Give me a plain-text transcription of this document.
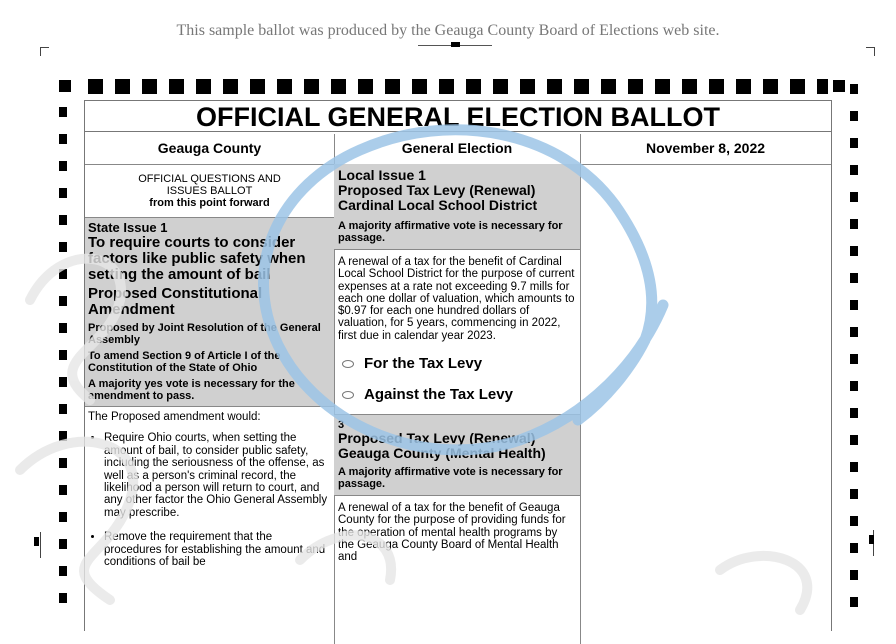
This sample ballot was produced by the Geauga County Board of Elections web site.
OFFICIAL GENERAL ELECTION BALLOT
Geauga County	General Election	November 8, 2022
OFFICIAL QUESTIONS AND
ISSUES BALLOT
from this point forward
State Issue 1
To require courts to consider factors like public safety when setting the amount of bail
Proposed Constitutional Amendment
Proposed by Joint Resolution of the General Assembly
To amend Section 9 of Article I of the Constitution of the State of Ohio
A majority yes vote is necessary for the amendment to pass.
The Proposed amendment would:
• Require Ohio courts, when setting the amount of bail, to consider public safety, including the seriousness of the offense, as well as a person's criminal record, the likelihood a person will return to court, and any other factor the Ohio General Assembly may prescribe.
• Remove the requirement that the procedures for establishing the amount and conditions of bail be
Local Issue 1
Proposed Tax Levy (Renewal)
Cardinal Local School District
A majority affirmative vote is necessary for passage.
A renewal of a tax for the benefit of Cardinal Local School District for the purpose of current expenses at a rate not exceeding 9.7 mills for each one dollar of valuation, which amounts to $0.97 for each one hundred dollars of valuation, for 5 years, commencing in 2022, first due in calendar year 2023.
For the Tax Levy
Against the Tax Levy
3
Proposed Tax Levy (Renewal)
Geauga County (Mental Health)
A majority affirmative vote is necessary for passage.
A renewal of a tax for the benefit of Geauga County for the purpose of providing funds for the operation of mental health programs by the Geauga County Board of Mental Health and
